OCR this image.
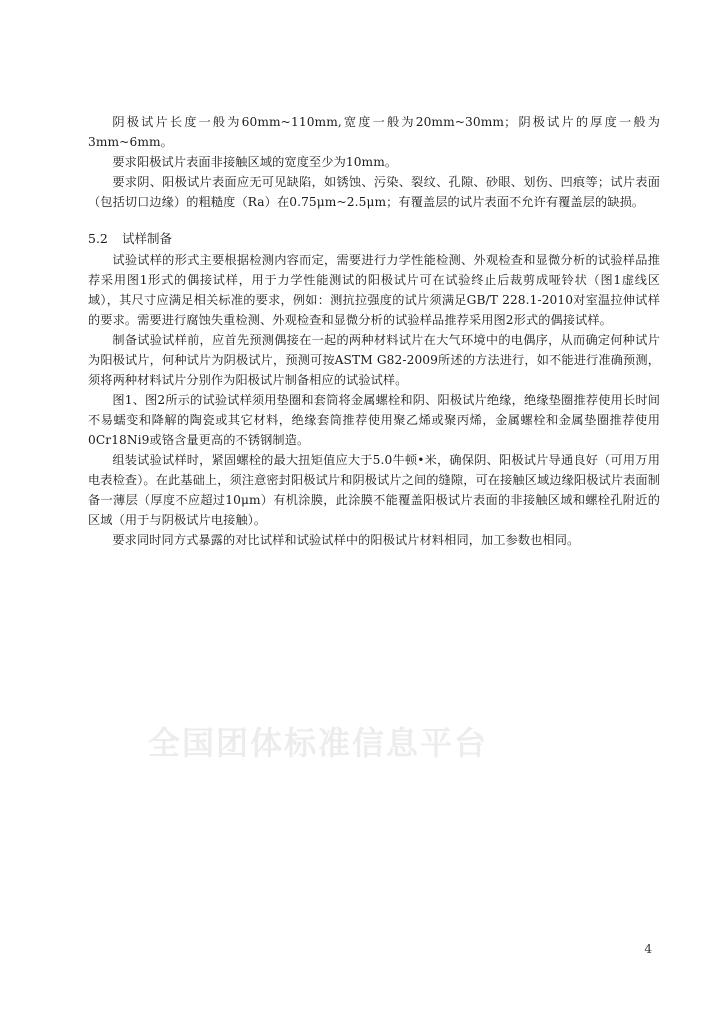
阴极试片长度一般为60mm~110mm,宽度一般为20mm~30mm；阴极试片的厚度一般为3mm~6mm。

要求阳极试片表面非接触区域的宽度至少为10mm。

要求阴、阳极试片表面应无可见缺陷，如锈蚀、污染、裂纹、孔隙、砂眼、划伤、凹痕等；试片表面（包括切口边缘）的粗糙度（Ra）在0.75μm~2.5μm；有覆盖层的试片表面不允许有覆盖层的缺损。

5.2 试样制备

试验试样的形式主要根据检测内容而定，需要进行力学性能检测、外观检查和显微分析的试验样品推荐采用图1形式的偶接试样，用于力学性能测试的阳极试片可在试验终止后裁剪成哑铃状（图1虚线区域），其尺寸应满足相关标准的要求，例如：测抗拉强度的试片须满足GB/T 228.1-2010对室温拉伸试样的要求。需要进行腐蚀失重检测、外观检查和显微分析的试验样品推荐采用图2形式的偶接试样。

制备试验试样前，应首先预测偶接在一起的两种材料试片在大气环境中的电偶序，从而确定何种试片为阳极试片，何种试片为阴极试片，预测可按ASTM G82-2009所述的方法进行，如不能进行准确预测，须将两种材料试片分别作为阳极试片制备相应的试验试样。

图1、图2所示的试验试样须用垫圈和套筒将金属螺栓和阴、阳极试片绝缘，绝缘垫圈推荐使用长时间不易蠕变和降解的陶瓷或其它材料，绝缘套筒推荐使用聚乙烯或聚丙烯，金属螺栓和金属垫圈推荐使用0Cr18Ni9或铬含量更高的不锈钢制造。

组装试验试样时，紧固螺栓的最大扭矩值应大于5.0牛顿•米，确保阴、阳极试片导通良好（可用万用电表检查）。在此基础上，须注意密封阳极试片和阴极试片之间的缝隙，可在接触区域边缘阳极试片表面制备一薄层（厚度不应超过10μm）有机涂膜，此涂膜不能覆盖阳极试片表面的非接触区域和螺栓孔附近的区域（用于与阴极试片电接触）。

要求同时同方式暴露的对比试样和试验试样中的阳极试片材料相同，加工参数也相同。

全国团体标准信息平台
4
